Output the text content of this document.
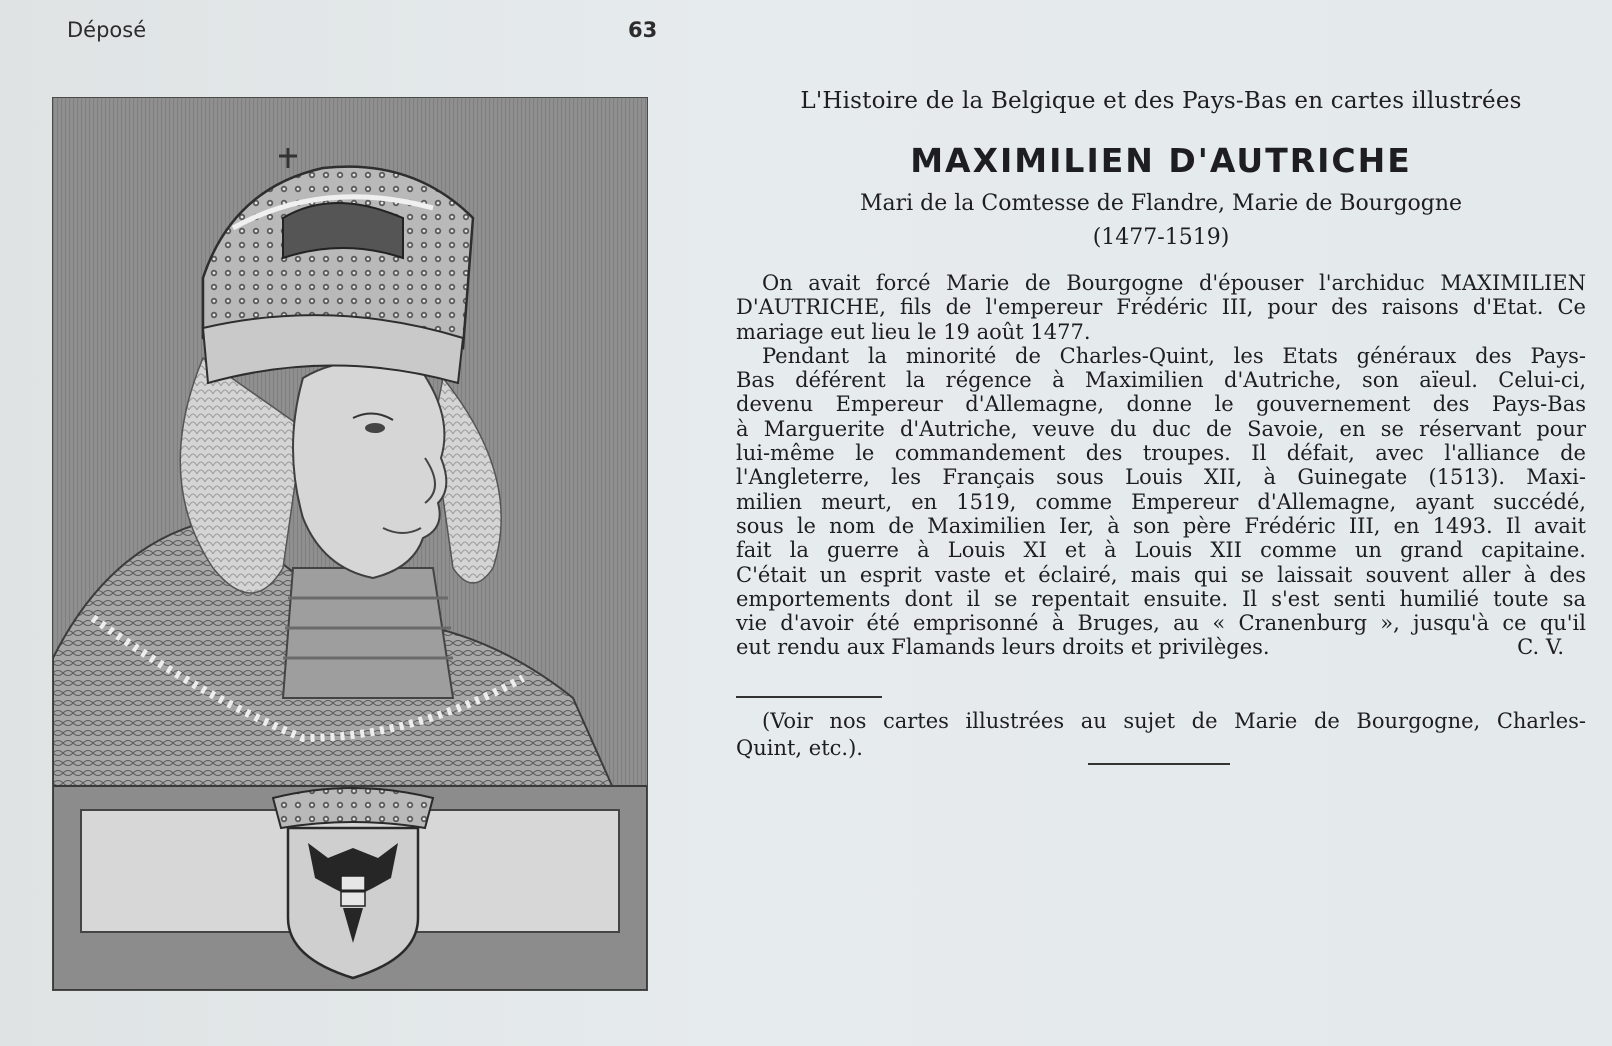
Déposé	63
L'Histoire de la Belgique et des Pays-Bas en cartes illustrées
MAXIMILIEN D'AUTRICHE
Mari de la Comtesse de Flandre, Marie de Bourgogne
(1477-1519)
On avait forcé Marie de Bourgogne d'épouser l'archiduc MAXIMILIEN
D'AUTRICHE, fils de l'empereur Frédéric III, pour des raisons d'Etat. Ce
mariage eut lieu le 19 août 1477.
Pendant la minorité de Charles-Quint, les Etats généraux des Pays-
Bas déférent la régence à Maximilien d'Autriche, son aïeul. Celui-ci,
devenu Empereur d'Allemagne, donne le gouvernement des Pays-Bas
à Marguerite d'Autriche, veuve du duc de Savoie, en se réservant pour
lui-même le commandement des troupes. Il défait, avec l'alliance de
l'Angleterre, les Français sous Louis XII, à Guinegate (1513). Maxi-
milien meurt, en 1519, comme Empereur d'Allemagne, ayant succédé,
sous le nom de Maximilien Ier, à son père Frédéric III, en 1493. Il avait
fait la guerre à Louis XI et à Louis XII comme un grand capitaine.
C'était un esprit vaste et éclairé, mais qui se laissait souvent aller à des
emportements dont il se repentait ensuite. Il s'est senti humilié toute sa
vie d'avoir été emprisonné à Bruges, au « Cranenburg », jusqu'à ce qu'il
eut rendu aux Flamands leurs droits et privilèges.	C. V.
(Voir nos cartes illustrées au sujet de Marie de Bourgogne, Charles-
Quint, etc.).
